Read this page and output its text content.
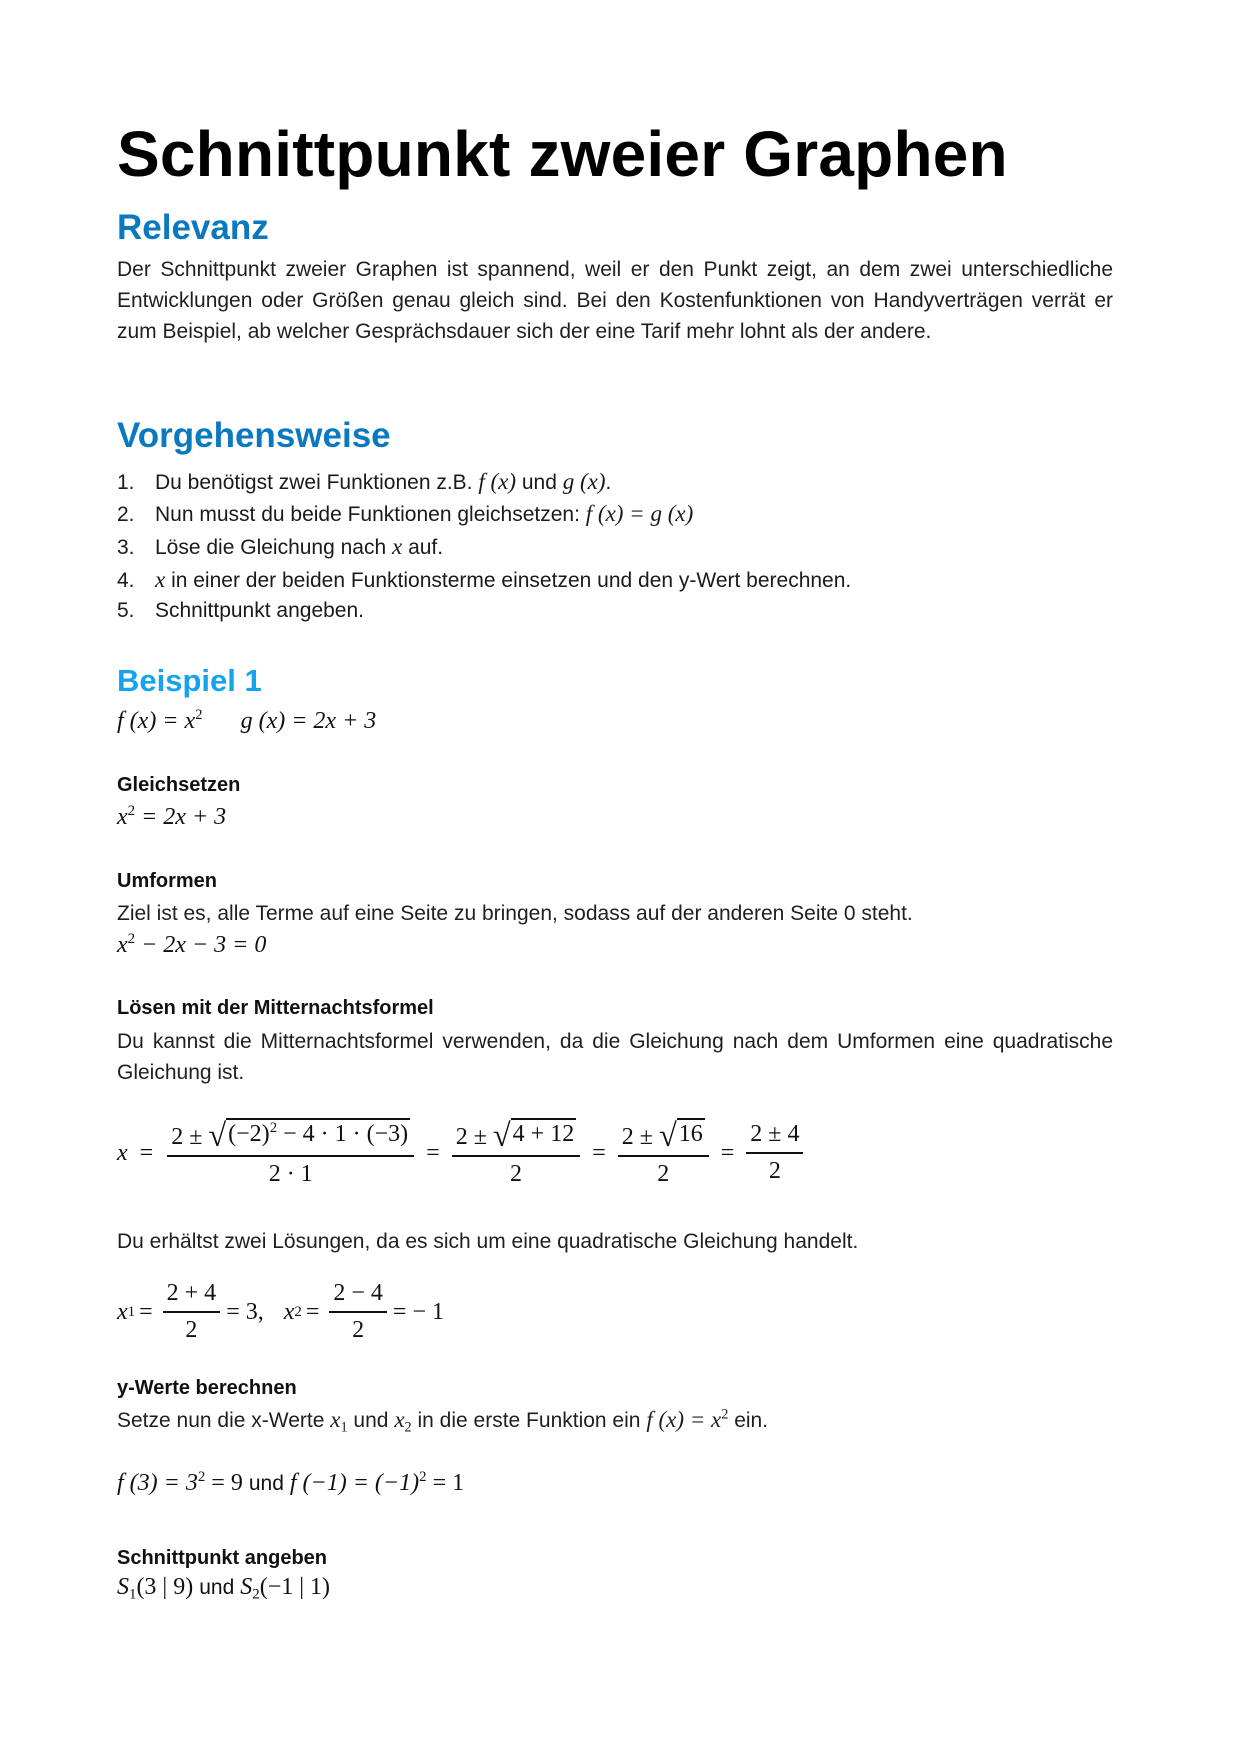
Schnittpunkt zweier Graphen
Relevanz
Der Schnittpunkt zweier Graphen ist spannend, weil er den Punkt zeigt, an dem zwei unterschiedliche Entwicklungen oder Größen genau gleich sind. Bei den Kostenfunktionen von Handyverträgen verrät er zum Beispiel, ab welcher Gesprächsdauer sich der eine Tarif mehr lohnt als der andere.
Vorgehensweise
1. Du benötigst zwei Funktionen z.B. f (x) und g (x).
2. Nun musst du beide Funktionen gleichsetzen: f (x) = g (x)
3. Löse die Gleichung nach x auf.
4. x in einer der beiden Funktionsterme einsetzen und den y-Wert berechnen.
5. Schnittpunkt angeben.
Beispiel 1
f $(x) = x^2$ g (x) = 2x + 3
Gleichsetzen
$x^2 = 2x + 3$
Umformen
Ziel ist es, alle Terme auf eine Seite zu bringen, sodass auf der anderen Seite 0 steht.
$x^2 - 2x - 3 = 0$
Lösen mit der Mitternachtsformel
Du kannst die Mitternachtsformel verwenden, da die Gleichung nach dem Umformen eine quadratische Gleichung ist.
$x = \frac{2 \pm √ (-2)^2 - 4 \cdot 1 \cdot (-3)}{2 \cdot 1} = \frac{2 \pm √ 4 + 12}{2} = \frac{2 \pm √ 16}{2} = \frac{2 \pm 4}{2}$
Du erhältst zwei Lösungen, da es sich um eine quadratische Gleichung handelt.
x $1 = \frac{2 + 4}{2} = 3$, x $2 = \frac{2 - 4}{2}$ = − 1
y-Werte berechnen
Setze nun die x-Werte $x_1$ und $x_2$ in die erste Funktion ein f $(x) = x^2$ ein.
f $(3) = 3^2 = 9$ und f $(-1) = (-1)^2 = 1$
Schnittpunkt angeben
$S_1(3$ | 9) und $S_2(-1$ | 1)
